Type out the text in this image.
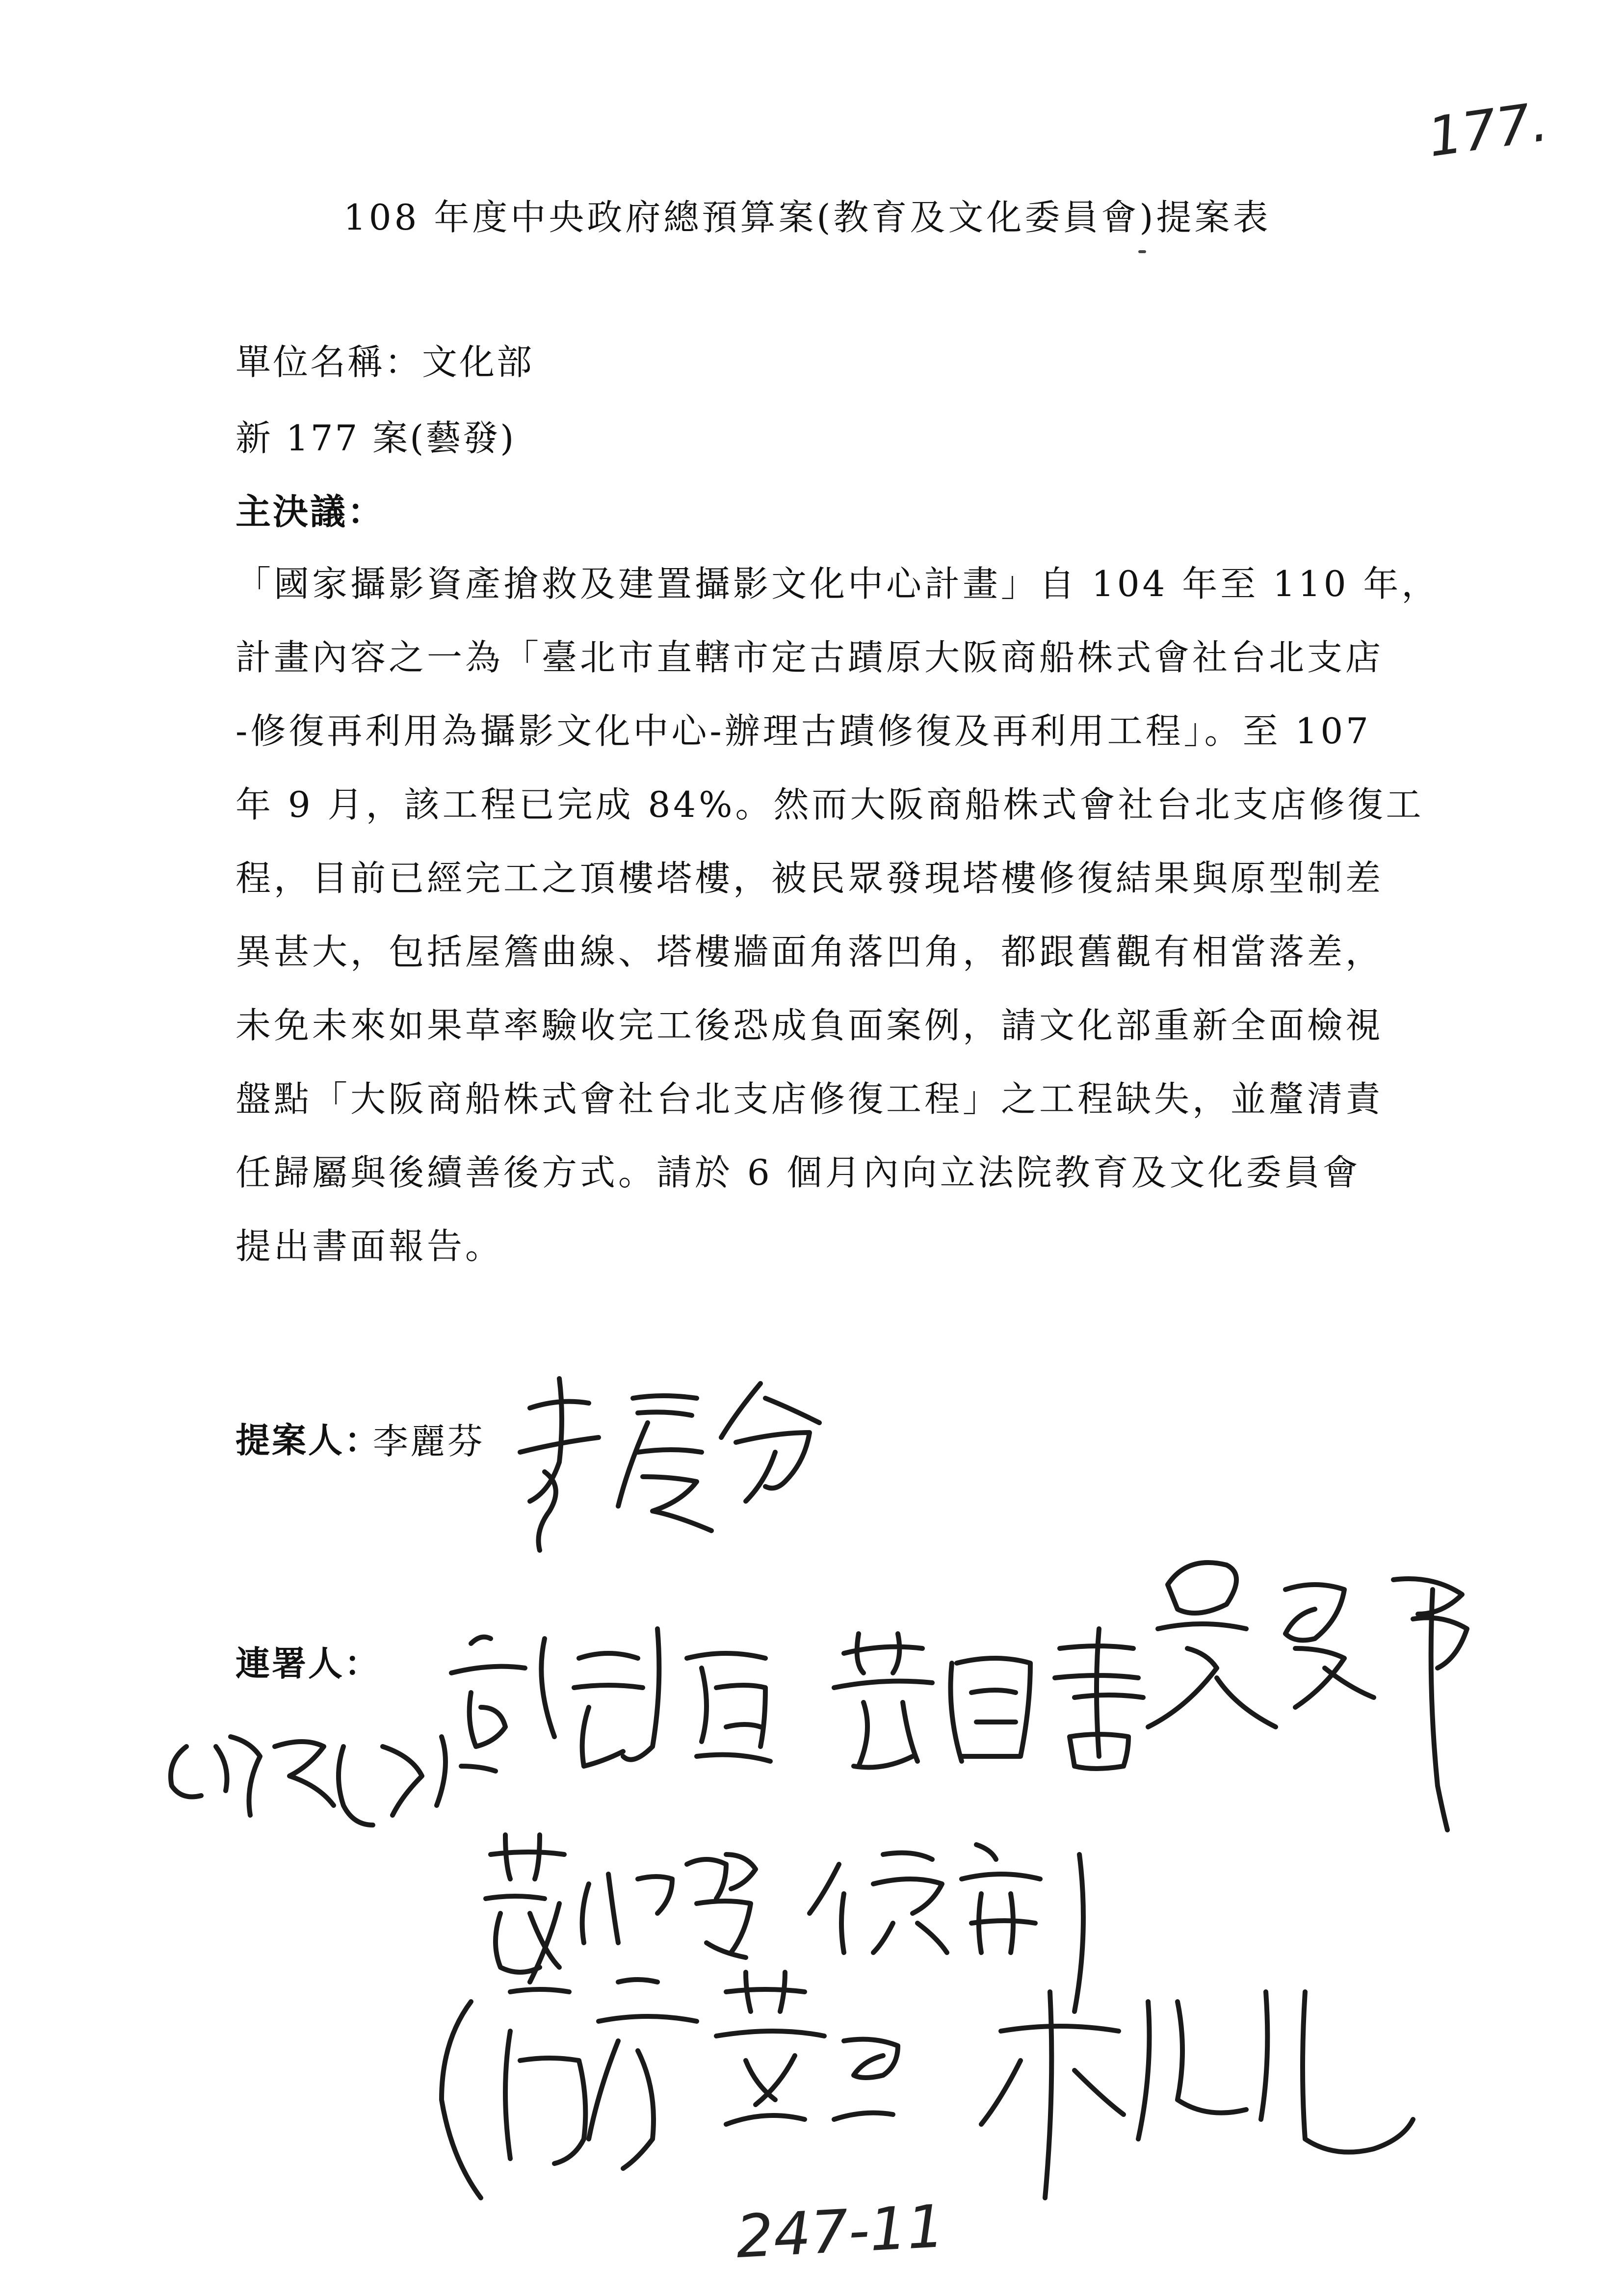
177.
108 年度中央政府總預算案(教育及文化委員會)提案表
單位名稱：文化部
新 177 案(藝發)
主決議：
「國家攝影資產搶救及建置攝影文化中心計畫」自 104 年至 110 年，
計畫內容之一為「臺北市直轄市定古蹟原大阪商船株式會社台北支店
-修復再利用為攝影文化中心-辦理古蹟修復及再利用工程」。至 107
年 9 月，該工程已完成 84%。然而大阪商船株式會社台北支店修復工
程，目前已經完工之頂樓塔樓，被民眾發現塔樓修復結果與原型制差
異甚大，包括屋簷曲線、塔樓牆面角落凹角，都跟舊觀有相當落差，
未免未來如果草率驗收完工後恐成負面案例，請文化部重新全面檢視
盤點「大阪商船株式會社台北支店修復工程」之工程缺失，並釐清責
任歸屬與後續善後方式。請於 6 個月內向立法院教育及文化委員會
提出書面報告。
提案人：
李麗芬
連署人：
247-11
